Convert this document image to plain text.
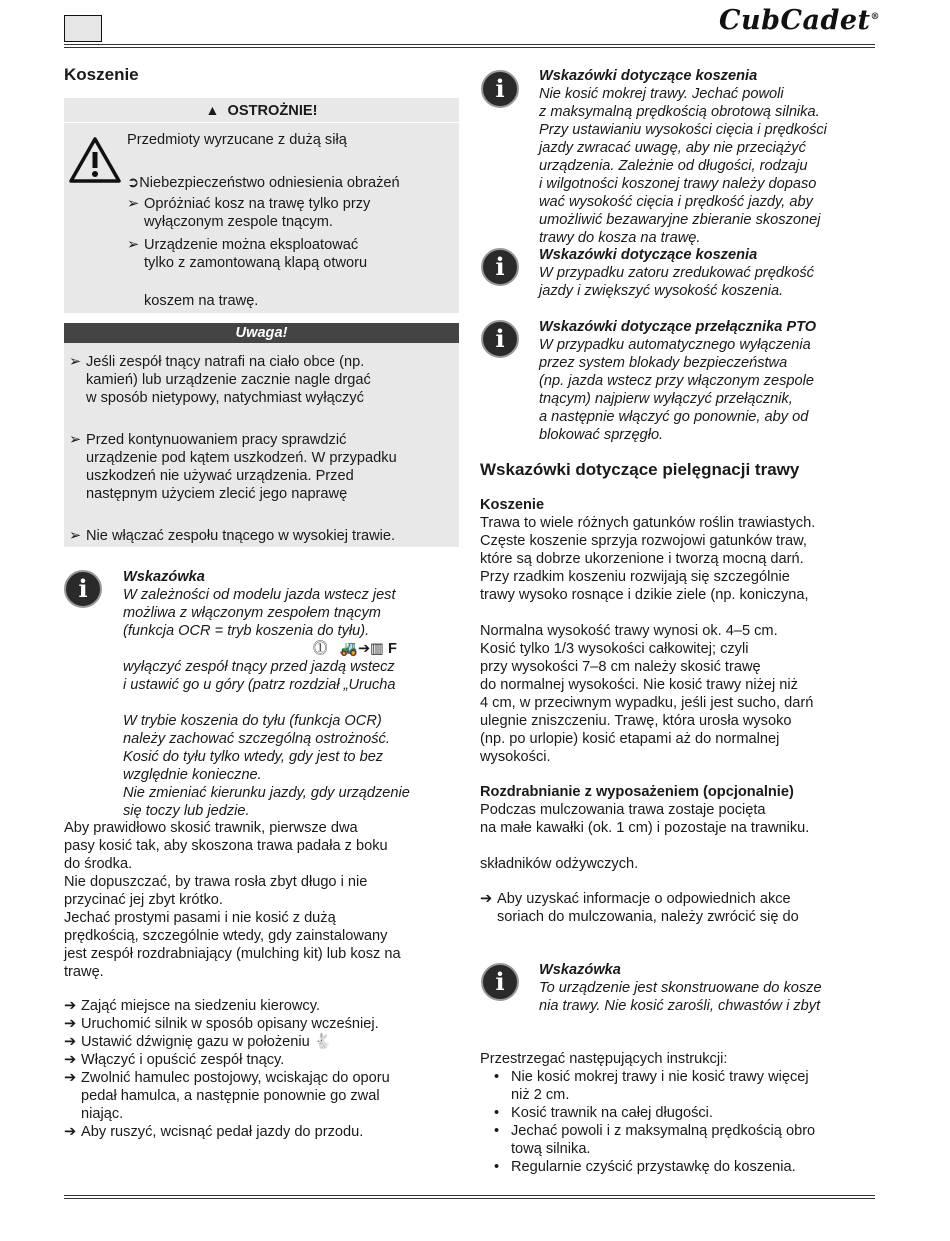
CubCadet®
Koszenie
▲ OSTROŻNIE!
Przedmioty wyrzucane z dużą siłą
➲Niebezpieczeństwo odniesienia obrażeń
➢ Opróżniać kosz na trawę tylko przy
wyłączonym zespole tnącym.
➢ Urządzenie można eksploatować
tylko z zamontowaną klapą otworu
koszem na trawę.
Uwaga!
➢ Jeśli zespół tnący natrafi na ciało obce (np.
kamień) lub urządzenie zacznie nagle drgać
w sposób nietypowy, natychmiast wyłączyć
➢ Przed kontynuowaniem pracy sprawdzić
urządzenie pod kątem uszkodzeń. W przypadku
uszkodzeń nie używać urządzenia. Przed
następnym użyciem zlecić jego naprawę
➢ Nie włączać zespołu tnącego w wysokiej trawie.
i	Wskazówka
W zależności od modelu jazda wstecz jest
możliwa z włączonym zespołem tnącym
(funkcja OCR = tryb koszenia do tyłu).
⓵ 🚜➔▥ F
wyłączyć zespół tnący przed jazdą wstecz
i ustawić go u góry (patrz rozdział „Urucha
W trybie koszenia do tyłu (funkcja OCR)
należy zachować szczególną ostrożność.
Kosić do tyłu tylko wtedy, gdy jest to bez
względnie konieczne.
Nie zmieniać kierunku jazdy, gdy urządzenie
się toczy lub jedzie.
Aby prawidłowo skosić trawnik, pierwsze dwa
pasy kosić tak, aby skoszona trawa padała z boku
do środka.
Nie dopuszczać, by trawa rosła zbyt długo i nie
przycinać jej zbyt krótko.
Jechać prostymi pasami i nie kosić z dużą
prędkością, szczególnie wtedy, gdy zainstalowany
jest zespół rozdrabniający (mulching kit) lub kosz na
trawę.
➔ Zająć miejsce na siedzeniu kierowcy.
➔ Uruchomić silnik w sposób opisany wcześniej.
➔ Ustawić dźwignię gazu w położeniu 🐇
➔ Włączyć i opuścić zespół tnący.
➔ Zwolnić hamulec postojowy, wciskając do oporu
pedał hamulca, a następnie ponownie go zwal
niając.
➔ Aby ruszyć, wcisnąć pedał jazdy do przodu.
i	Wskazówki dotyczące koszenia
Nie kosić mokrej trawy. Jechać powoli
z maksymalną prędkością obrotową silnika.
Przy ustawianiu wysokości cięcia i prędkości
jazdy zwracać uwagę, aby nie przeciążyć
urządzenia. Zależnie od długości, rodzaju
i wilgotności koszonej trawy należy dopaso
wać wysokość cięcia i prędkość jazdy, aby
umożliwić bezawaryjne zbieranie skoszonej
trawy do kosza na trawę.
i	Wskazówki dotyczące koszenia
W przypadku zatoru zredukować prędkość
jazdy i zwiększyć wysokość koszenia.
i	Wskazówki dotyczące przełącznika PTO
W przypadku automatycznego wyłączenia
przez system blokady bezpieczeństwa
(np. jazda wstecz przy włączonym zespole
tnącym) najpierw wyłączyć przełącznik,
a następnie włączyć go ponownie, aby od
blokować sprzęgło.
Wskazówki dotyczące pielęgnacji trawy
Koszenie
Trawa to wiele różnych gatunków roślin trawiastych.
Częste koszenie sprzyja rozwojowi gatunków traw,
które są dobrze ukorzenione i tworzą mocną darń.
Przy rzadkim koszeniu rozwijają się szczególnie
trawy wysoko rosnące i dzikie ziele (np. koniczyna,
Normalna wysokość trawy wynosi ok. 4–5 cm.
Kosić tylko 1/3 wysokości całkowitej; czyli
przy wysokości 7–8 cm należy skosić trawę
do normalnej wysokości. Nie kosić trawy niżej niż
4 cm, w przeciwnym wypadku, jeśli jest sucho, darń
ulegnie zniszczeniu. Trawę, która urosła wysoko
(np. po urlopie) kosić etapami aż do normalnej
wysokości.
Rozdrabnianie z wyposażeniem (opcjonalnie)
Podczas mulczowania trawa zostaje pocięta
na małe kawałki (ok. 1 cm) i pozostaje na trawniku.
składników odżywczych.
➔ Aby uzyskać informacje o odpowiednich akce
soriach do mulczowania, należy zwrócić się do
i	Wskazówka
To urządzenie jest skonstruowane do kosze
nia trawy. Nie kosić zarośli, chwastów i zbyt
Przestrzegać następujących instrukcji:
• Nie kosić mokrej trawy i nie kosić trawy więcej
niż 2 cm.
• Kosić trawnik na całej długości.
• Jechać powoli i z maksymalną prędkością obro
tową silnika.
• Regularnie czyścić przystawkę do koszenia.
